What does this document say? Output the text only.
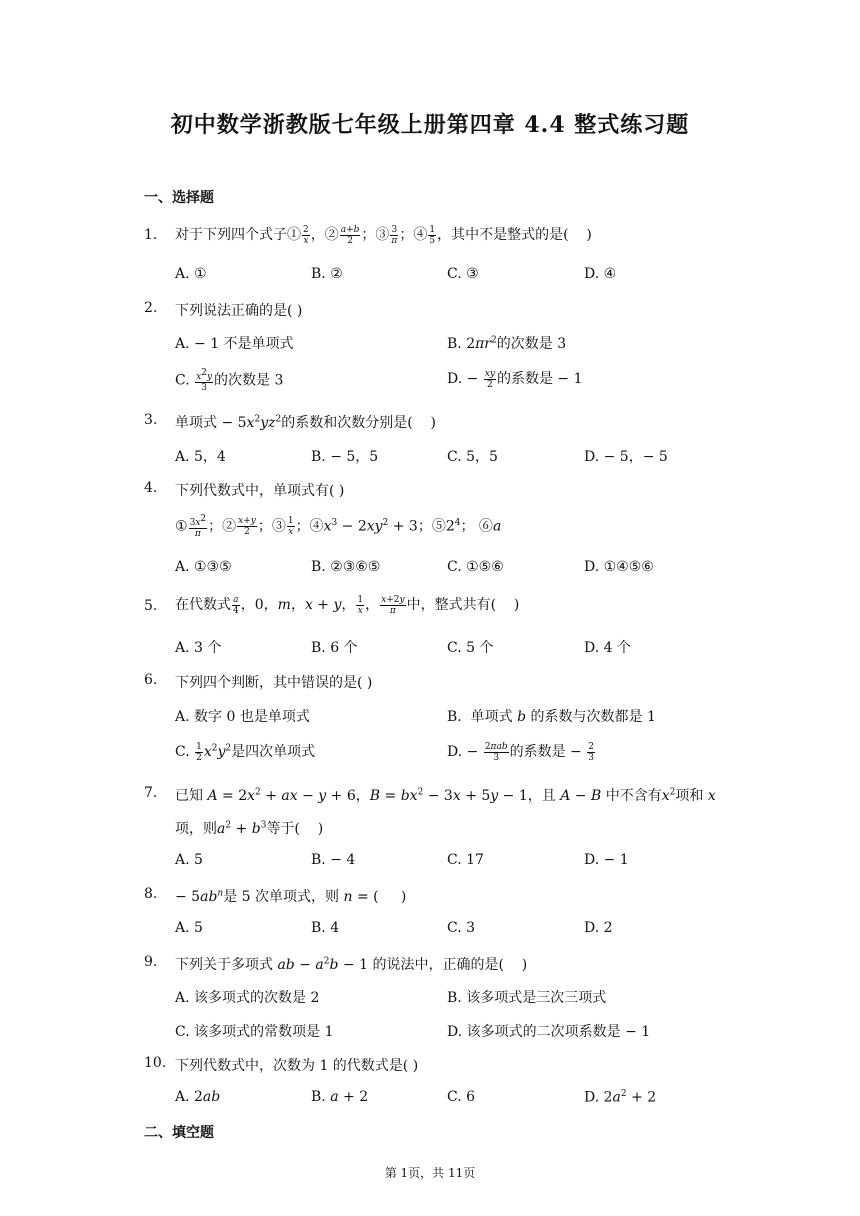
初中数学浙教版七年级上册第四章 4.4 整式练习题
一、选择题
1.	对于下列四个式子① $\frac{2}{x}$ ，② $\frac{a+b}{2}$ ；③ $\frac{3}{\pi}$ ；④ $\frac{1}{5}$ ，其中不是整式的是(    )
A. ①	B. ②	C. ③	D. ④
2.	下列说法正确的是( )
A. − 1 不是单项式	B. $2\pi r^2$的次数是 3
C. $\frac{x^2y}{3}$ 的次数是 3	D. − $\frac{xy}{2}$ 的系数是 − 1
3.	单项式 − $5x^2yz^2$的系数和次数分别是(    )
A. 5，4	B. − 5，5	C. 5，5	D. − 5，− 5
4.	下列代数式中，单项式有( )
① $\frac{3x^2}{\pi}$ ；② $\frac{x+y}{2}$ ；③ $\frac{1}{x}$ ；$④x^3 - 2xy^2 + 3$；$⑤2^4$； ⑥a
A. ①③⑤	B. ②③⑥⑤	C. ①⑤⑥	D. ①④⑤⑥
5.	在代数式 $\frac{a}{4}$ ，0，m，x + y， $\frac{1}{x}$ ， $\frac{x+2y}{\pi}$ 中，整式共有(    )
A. 3 个	B. 6 个	C. 5 个	D. 4 个
6.	下列四个判断，其中错误的是( )
A. 数字 0 也是单项式	B.  单项式 b 的系数与次数都是 1
C. $\frac{1}{2} x^2y^2$是四次单项式	D. − $\frac{\text{2πab}}{3}$ 的系数是 − $\frac{2}{3}$
7.	已知 $A = 2x^2$ + ax − y + 6，$B = bx^2 - 3x + 5y - 1$，且 A − B 中不含有$x^2$项和 x
项，则$a^2 + b^3$等于(    )
A. 5	B. − 4	C. 17	D. − 1
8.	− $5ab^n$是 5 次单项式，则 n = (     )
A. 5	B. 4	C. 3	D. 2
9.	下列关于多项式 ab − $a^2b - 1$ 的说法中，正确的是(    )
A. 该多项式的次数是 2	B. 该多项式是三次三项式
C. 该多项式的常数项是 1	D. 该多项式的二次项系数是 − 1
10. 下列代数式中，次数为 1 的代数式是( )
A. 2ab	B. a + 2	C. 6	D. $2a^2 + 2$
二、填空题
第 1页，共 11页
